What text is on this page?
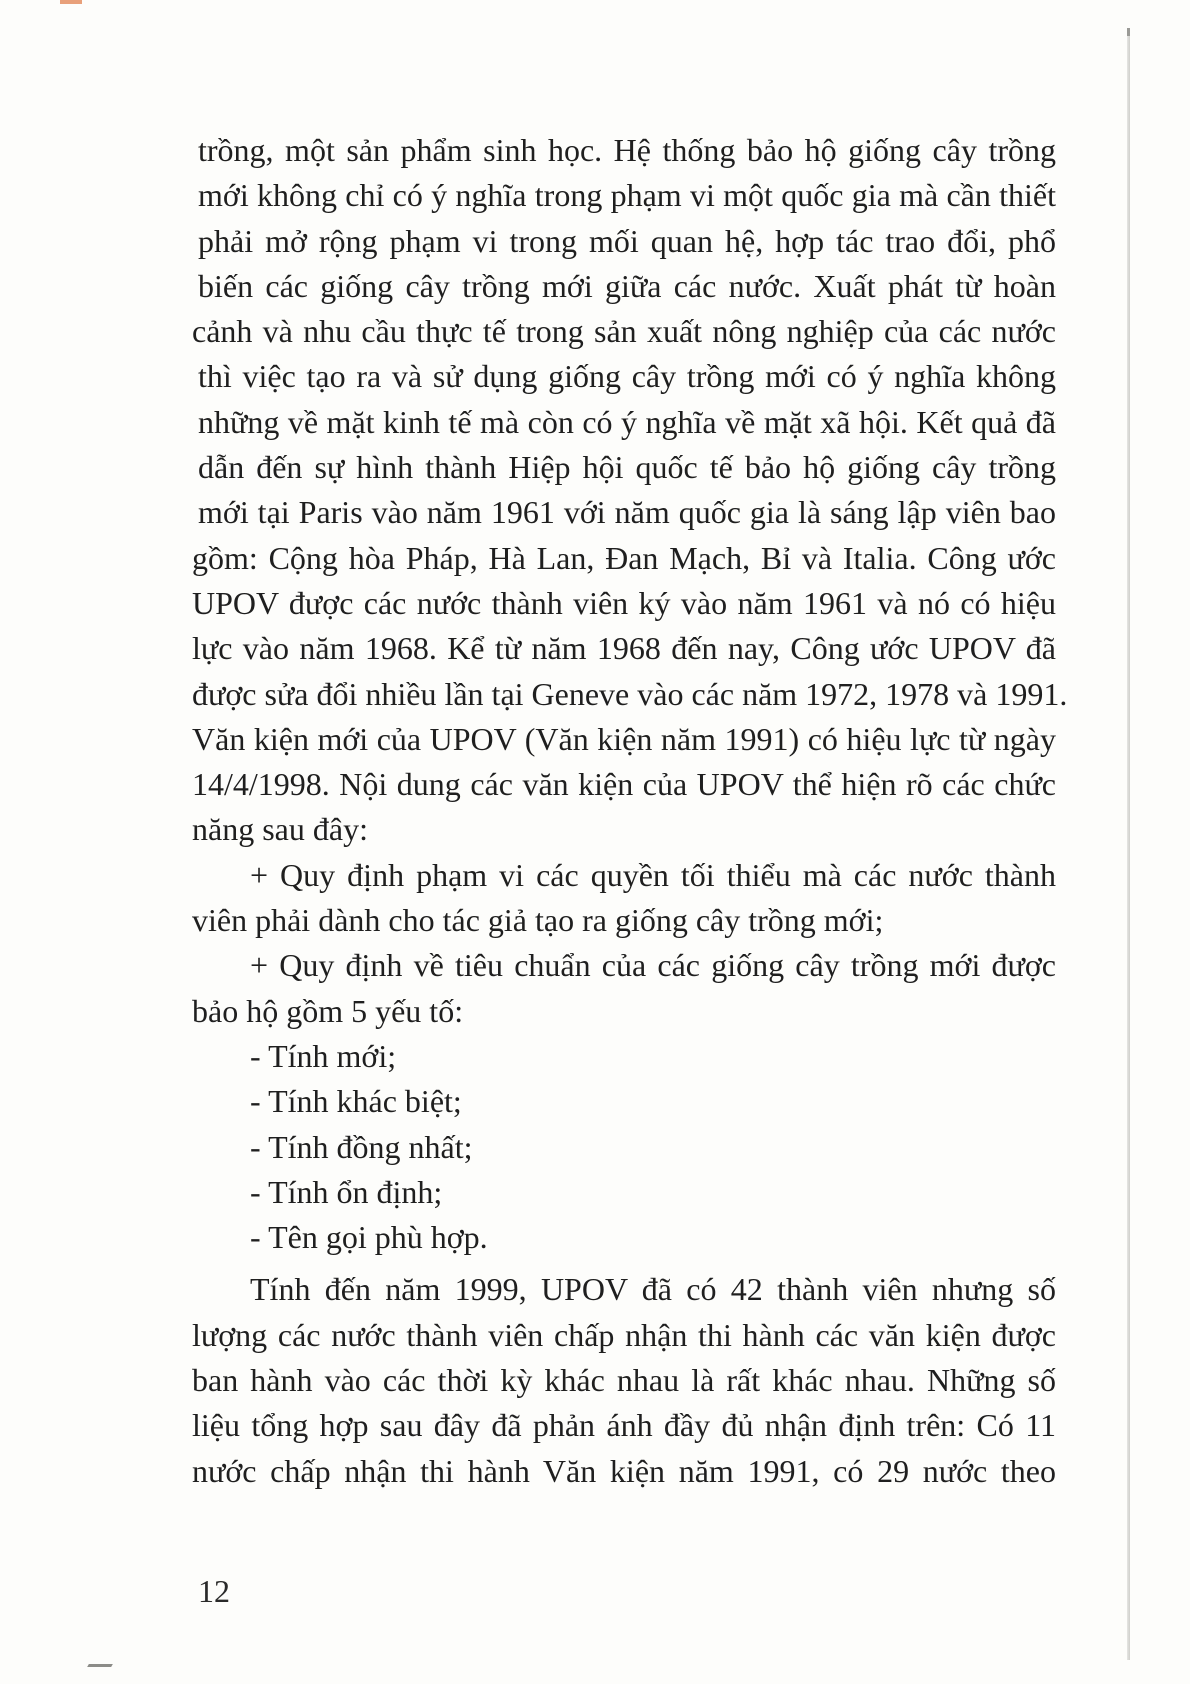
trồng, một sản phẩm sinh học. Hệ thống bảo hộ giống cây trồng
mới không chỉ có ý nghĩa trong phạm vi một quốc gia mà cần thiết
phải mở rộng phạm vi trong mối quan hệ, hợp tác trao đổi, phổ
biến các giống cây trồng mới giữa các nước. Xuất phát từ hoàn
cảnh và nhu cầu thực tế trong sản xuất nông nghiệp của các nước
thì việc tạo ra và sử dụng giống cây trồng mới có ý nghĩa không
những về mặt kinh tế mà còn có ý nghĩa về mặt xã hội. Kết quả đã
dẫn đến sự hình thành Hiệp hội quốc tế bảo hộ giống cây trồng
mới tại Paris vào năm 1961 với năm quốc gia là sáng lập viên bao
gồm: Cộng hòa Pháp, Hà Lan, Đan Mạch, Bỉ và Italia. Công ước
UPOV được các nước thành viên ký vào năm 1961 và nó có hiệu
lực vào năm 1968. Kể từ năm 1968 đến nay, Công ước UPOV đã
được sửa đổi nhiều lần tại Geneve vào các năm 1972, 1978 và 1991.
Văn kiện mới của UPOV (Văn kiện năm 1991) có hiệu lực từ ngày
14/4/1998. Nội dung các văn kiện của UPOV thể hiện rõ các chức
năng sau đây:
+ Quy định phạm vi các quyền tối thiểu mà các nước thành
viên phải dành cho tác giả tạo ra giống cây trồng mới;
+ Quy định về tiêu chuẩn của các giống cây trồng mới được
bảo hộ gồm 5 yếu tố:
- Tính mới;
- Tính khác biệt;
- Tính đồng nhất;
- Tính ổn định;
- Tên gọi phù hợp.
Tính đến năm 1999, UPOV đã có 42 thành viên nhưng số
lượng các nước thành viên chấp nhận thi hành các văn kiện được
ban hành vào các thời kỳ khác nhau là rất khác nhau. Những số
liệu tổng hợp sau đây đã phản ánh đầy đủ nhận định trên: Có 11
nước chấp nhận thi hành Văn kiện năm 1991, có 29 nước theo
12
